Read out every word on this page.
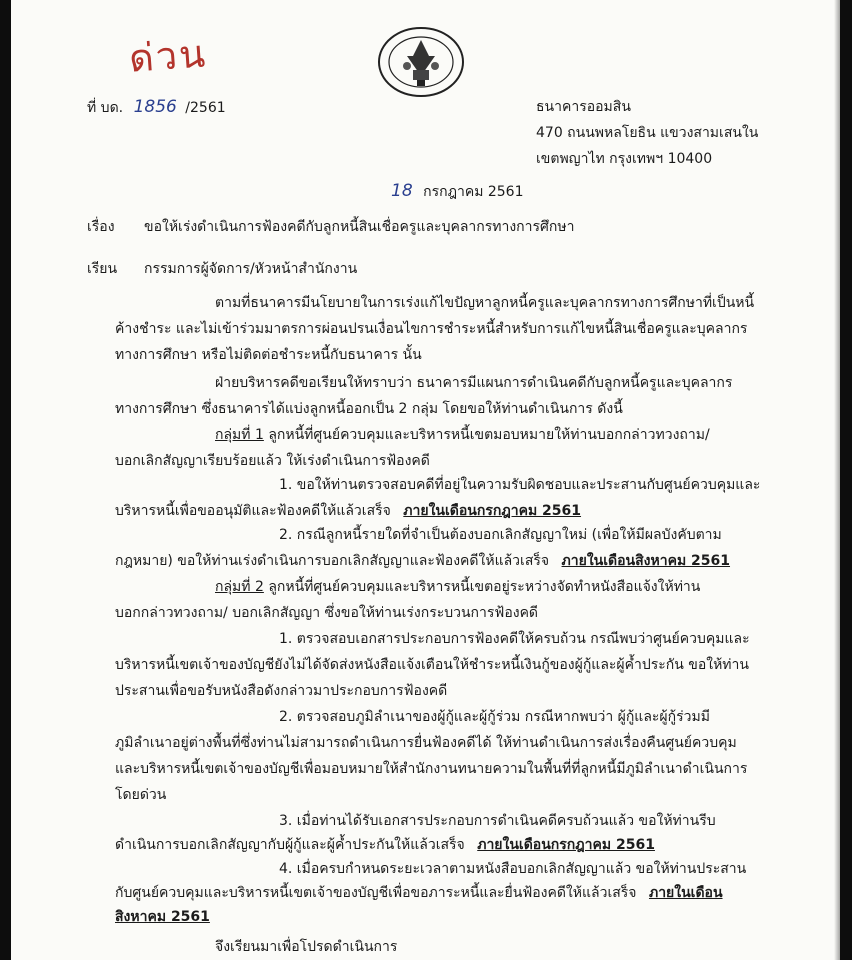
ด่วน
ที่ บด. 1856 /2561	ธนาคารออมสิน
470 ถนนพหลโยธิน แขวงสามเสนใน
เขตพญาไท กรุงเทพฯ 10400
18 กรกฎาคม 2561
เรื่อง ขอให้เร่งดำเนินการฟ้องคดีกับลูกหนี้สินเชื่อครูและบุคลากรทางการศึกษา
เรียน กรรมการผู้จัดการ/หัวหน้าสำนักงาน
ตามที่ธนาคารมีนโยบายในการเร่งแก้ไขปัญหาลูกหนี้ครูและบุคลากรทางการศึกษาที่เป็นหนี้
ค้างชำระ และไม่เข้าร่วมมาตรการผ่อนปรนเงื่อนไขการชำระหนี้สำหรับการแก้ไขหนี้สินเชื่อครูและบุคลากร
ทางการศึกษา หรือไม่ติดต่อชำระหนี้กับธนาคาร นั้น
ฝ่ายบริหารคดีขอเรียนให้ทราบว่า ธนาคารมีแผนการดำเนินคดีกับลูกหนี้ครูและบุคลากร
ทางการศึกษา ซึ่งธนาคารได้แบ่งลูกหนี้ออกเป็น 2 กลุ่ม โดยขอให้ท่านดำเนินการ ดังนี้
กลุ่มที่ 1 ลูกหนี้ที่ศูนย์ควบคุมและบริหารหนี้เขตมอบหมายให้ท่านบอกกล่าวทวงถาม/
บอกเลิกสัญญาเรียบร้อยแล้ว ให้เร่งดำเนินการฟ้องคดี
1. ขอให้ท่านตรวจสอบคดีที่อยู่ในความรับผิดชอบและประสานกับศูนย์ควบคุมและ
บริหารหนี้เพื่อขออนุมัติและฟ้องคดีให้แล้วเสร็จ ภายในเดือนกรกฎาคม 2561
2. กรณีลูกหนี้รายใดที่จำเป็นต้องบอกเลิกสัญญาใหม่ (เพื่อให้มีผลบังคับตาม
กฎหมาย) ขอให้ท่านเร่งดำเนินการบอกเลิกสัญญาและฟ้องคดีให้แล้วเสร็จ ภายในเดือนสิงหาคม 2561
กลุ่มที่ 2 ลูกหนี้ที่ศูนย์ควบคุมและบริหารหนี้เขตอยู่ระหว่างจัดทำหนังสือแจ้งให้ท่าน
บอกกล่าวทวงถาม/ บอกเลิกสัญญา ซึ่งขอให้ท่านเร่งกระบวนการฟ้องคดี
1. ตรวจสอบเอกสารประกอบการฟ้องคดีให้ครบถ้วน กรณีพบว่าศูนย์ควบคุมและ
บริหารหนี้เขตเจ้าของบัญชียังไม่ได้จัดส่งหนังสือแจ้งเตือนให้ชำระหนี้เงินกู้ของผู้กู้และผู้ค้ำประกัน ขอให้ท่าน
ประสานเพื่อขอรับหนังสือดังกล่าวมาประกอบการฟ้องคดี
2. ตรวจสอบภูมิลำเนาของผู้กู้และผู้กู้ร่วม กรณีหากพบว่า ผู้กู้และผู้กู้ร่วมมี
ภูมิลำเนาอยู่ต่างพื้นที่ซึ่งท่านไม่สามารถดำเนินการยื่นฟ้องคดีได้ ให้ท่านดำเนินการส่งเรื่องคืนศูนย์ควบคุม
และบริหารหนี้เขตเจ้าของบัญชีเพื่อมอบหมายให้สำนักงานทนายความในพื้นที่ที่ลูกหนี้มีภูมิลำเนาดำเนินการ
โดยด่วน
3. เมื่อท่านได้รับเอกสารประกอบการดำเนินคดีครบถ้วนแล้ว ขอให้ท่านรีบ
ดำเนินการบอกเลิกสัญญากับผู้กู้และผู้ค้ำประกันให้แล้วเสร็จ ภายในเดือนกรกฎาคม 2561
4. เมื่อครบกำหนดระยะเวลาตามหนังสือบอกเลิกสัญญาแล้ว ขอให้ท่านประสาน
กับศูนย์ควบคุมและบริหารหนี้เขตเจ้าของบัญชีเพื่อขอภาระหนี้และยื่นฟ้องคดีให้แล้วเสร็จ ภายในเดือน
สิงหาคม 2561
จึงเรียนมาเพื่อโปรดดำเนินการ
